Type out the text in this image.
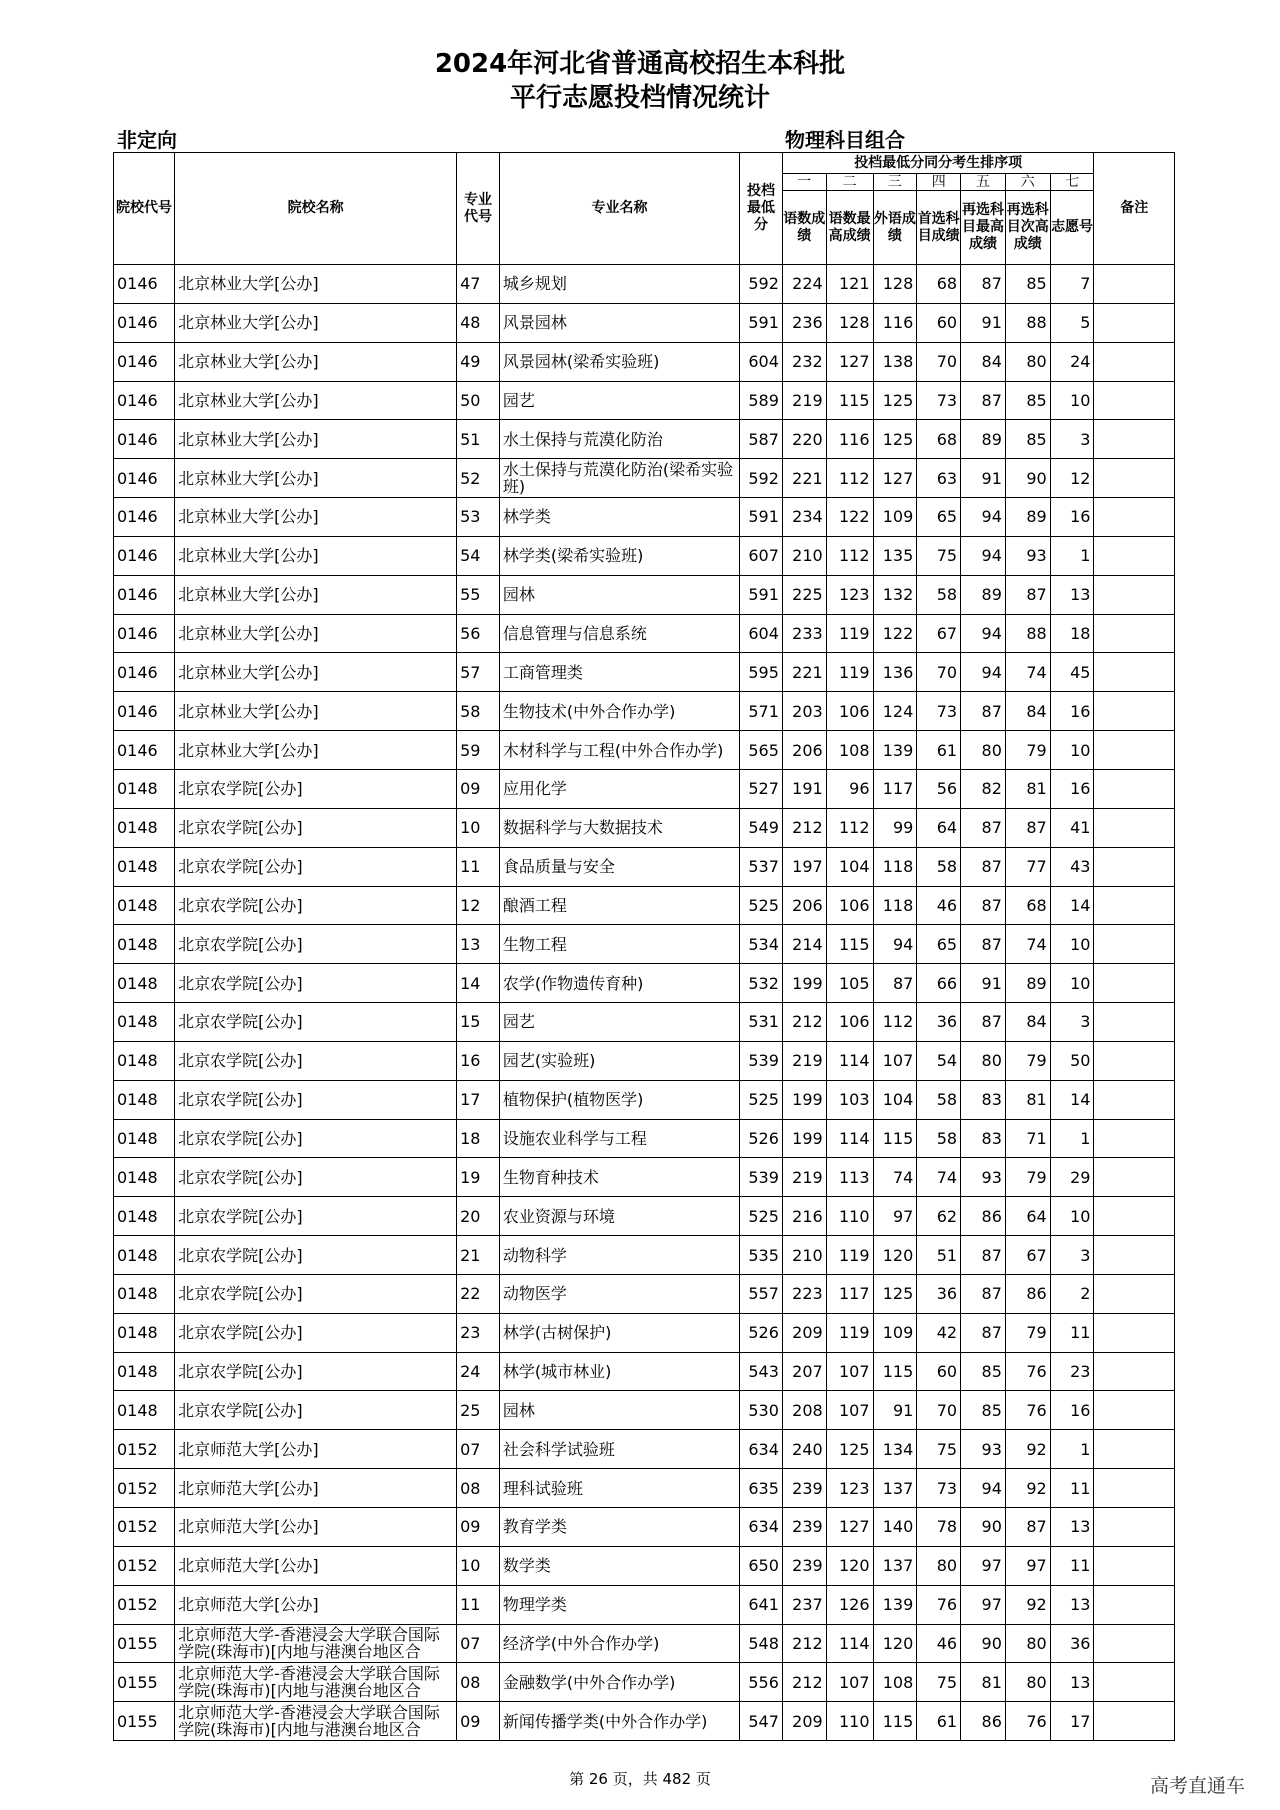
2024年河北省普通高校招生本科批
平行志愿投档情况统计
非定向	物理科目组合
院校代号	院校名称	专业代号	专业名称	投档最低分	投档最低分同分考生排序项							备注
					一	二	三	四	五	六	七	
					语数成绩	语数最高成绩	外语成绩	首选科目成绩	再选科目最高成绩	再选科目次高成绩	志愿号	
0146	北京林业大学[公办]	47	城乡规划	592	224	121	128	68	87	85	7	
0146	北京林业大学[公办]	48	风景园林	591	236	128	116	60	91	88	5	
0146	北京林业大学[公办]	49	风景园林(梁希实验班)	604	232	127	138	70	84	80	24	
0146	北京林业大学[公办]	50	园艺	589	219	115	125	73	87	85	10	
0146	北京林业大学[公办]	51	水土保持与荒漠化防治	587	220	116	125	68	89	85	3	
0146	北京林业大学[公办]	52	水土保持与荒漠化防治(梁希实验班)	592	221	112	127	63	91	90	12	
0146	北京林业大学[公办]	53	林学类	591	234	122	109	65	94	89	16	
0146	北京林业大学[公办]	54	林学类(梁希实验班)	607	210	112	135	75	94	93	1	
0146	北京林业大学[公办]	55	园林	591	225	123	132	58	89	87	13	
0146	北京林业大学[公办]	56	信息管理与信息系统	604	233	119	122	67	94	88	18	
0146	北京林业大学[公办]	57	工商管理类	595	221	119	136	70	94	74	45	
0146	北京林业大学[公办]	58	生物技术(中外合作办学)	571	203	106	124	73	87	84	16	
0146	北京林业大学[公办]	59	木材科学与工程(中外合作办学)	565	206	108	139	61	80	79	10	
0148	北京农学院[公办]	09	应用化学	527	191	96	117	56	82	81	16	
0148	北京农学院[公办]	10	数据科学与大数据技术	549	212	112	99	64	87	87	41	
0148	北京农学院[公办]	11	食品质量与安全	537	197	104	118	58	87	77	43	
0148	北京农学院[公办]	12	酿酒工程	525	206	106	118	46	87	68	14	
0148	北京农学院[公办]	13	生物工程	534	214	115	94	65	87	74	10	
0148	北京农学院[公办]	14	农学(作物遗传育种)	532	199	105	87	66	91	89	10	
0148	北京农学院[公办]	15	园艺	531	212	106	112	36	87	84	3	
0148	北京农学院[公办]	16	园艺(实验班)	539	219	114	107	54	80	79	50	
0148	北京农学院[公办]	17	植物保护(植物医学)	525	199	103	104	58	83	81	14	
0148	北京农学院[公办]	18	设施农业科学与工程	526	199	114	115	58	83	71	1	
0148	北京农学院[公办]	19	生物育种技术	539	219	113	74	74	93	79	29	
0148	北京农学院[公办]	20	农业资源与环境	525	216	110	97	62	86	64	10	
0148	北京农学院[公办]	21	动物科学	535	210	119	120	51	87	67	3	
0148	北京农学院[公办]	22	动物医学	557	223	117	125	36	87	86	2	
0148	北京农学院[公办]	23	林学(古树保护)	526	209	119	109	42	87	79	11	
0148	北京农学院[公办]	24	林学(城市林业)	543	207	107	115	60	85	76	23	
0148	北京农学院[公办]	25	园林	530	208	107	91	70	85	76	16	
0152	北京师范大学[公办]	07	社会科学试验班	634	240	125	134	75	93	92	1	
0152	北京师范大学[公办]	08	理科试验班	635	239	123	137	73	94	92	11	
0152	北京师范大学[公办]	09	教育学类	634	239	127	140	78	90	87	13	
0152	北京师范大学[公办]	10	数学类	650	239	120	137	80	97	97	11	
0152	北京师范大学[公办]	11	物理学类	641	237	126	139	76	97	92	13	
0155	北京师范大学-香港浸会大学联合国际学院(珠海市)[内地与港澳台地区合	07	经济学(中外合作办学)	548	212	114	120	46	90	80	36	
0155	北京师范大学-香港浸会大学联合国际学院(珠海市)[内地与港澳台地区合	08	金融数学(中外合作办学)	556	212	107	108	75	81	80	13	
0155	北京师范大学-香港浸会大学联合国际学院(珠海市)[内地与港澳台地区合	09	新闻传播学类(中外合作办学)	547	209	110	115	61	86	76	17	
第 26 页，共 482 页	高考直通车
